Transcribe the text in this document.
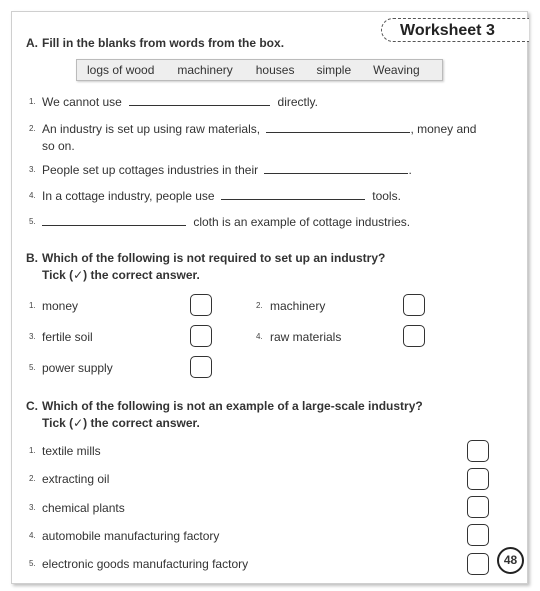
Worksheet 3
A. Fill in the blanks from words from the box.
logs of wood machinery houses simple Weaving
1. We cannot use	directly.
2. An industry is set up using raw materials,	, money and
so on.
3. People set up cottages industries in their	.
4. In a cottage industry, people use	tools.
5.	cloth is an example of cottage industries.
B. Which of the following is not required to set up an industry?
Tick (✓) the correct answer.
1. money	2. machinery
3. fertile soil	4. raw materials
5. power supply
C. Which of the following is not an example of a large-scale industry?
Tick (✓) the correct answer.
1. textile mills
2. extracting oil
3. chemical plants
4. automobile manufacturing factory
5. electronic goods manufacturing factory	48
